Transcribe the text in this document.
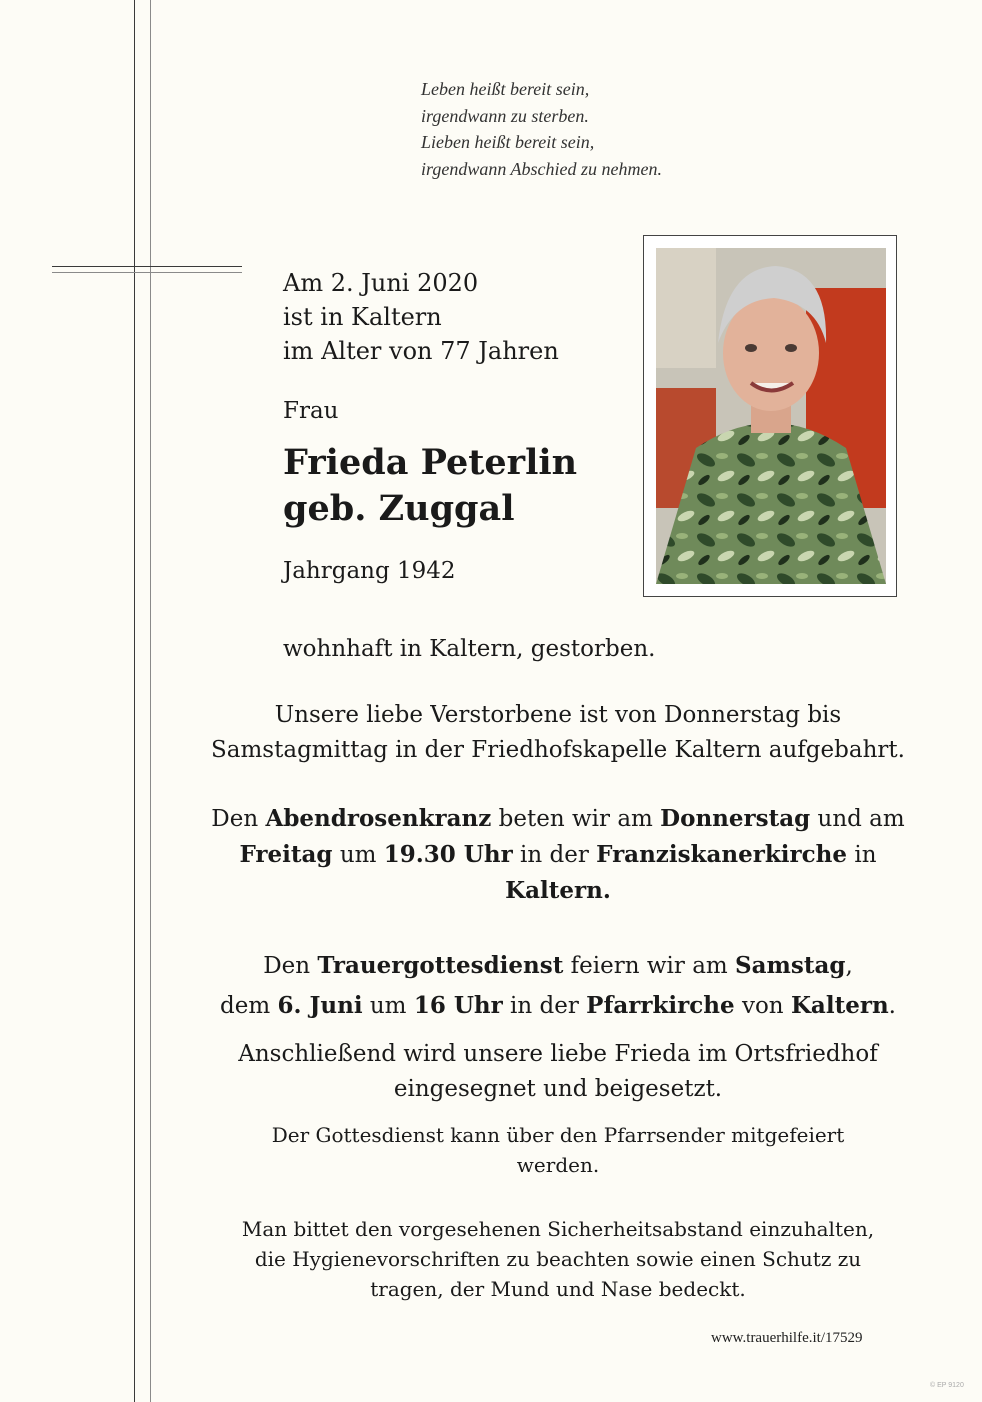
Leben heißt bereit sein,
irgendwann zu sterben.
Lieben heißt bereit sein,
irgendwann Abschied zu nehmen.
Am 2. Juni 2020
ist in Kaltern
im Alter von 77 Jahren
Frau
Frieda Peterlin
geb. Zuggal
Jahrgang 1942
wohnhaft in Kaltern, gestorben.
Unsere liebe Verstorbene ist von Donnerstag bis
Samstagmittag in der Friedhofskapelle Kaltern aufgebahrt.
Den Abendrosenkranz beten wir am Donnerstag und am
Freitag um 19.30 Uhr in der Franziskanerkirche in
Kaltern.
Den Trauergottesdienst feiern wir am Samstag,
dem 6. Juni um 16 Uhr in der Pfarrkirche von Kaltern.
Anschließend wird unsere liebe Frieda im Ortsfriedhof
eingesegnet und beigesetzt.
Der Gottesdienst kann über den Pfarrsender mitgefeiert
werden.
Man bittet den vorgesehenen Sicherheitsabstand einzuhalten,
die Hygienevorschriften zu beachten sowie einen Schutz zu
tragen, der Mund und Nase bedeckt.
www.trauerhilfe.it/17529
© EP 9120
